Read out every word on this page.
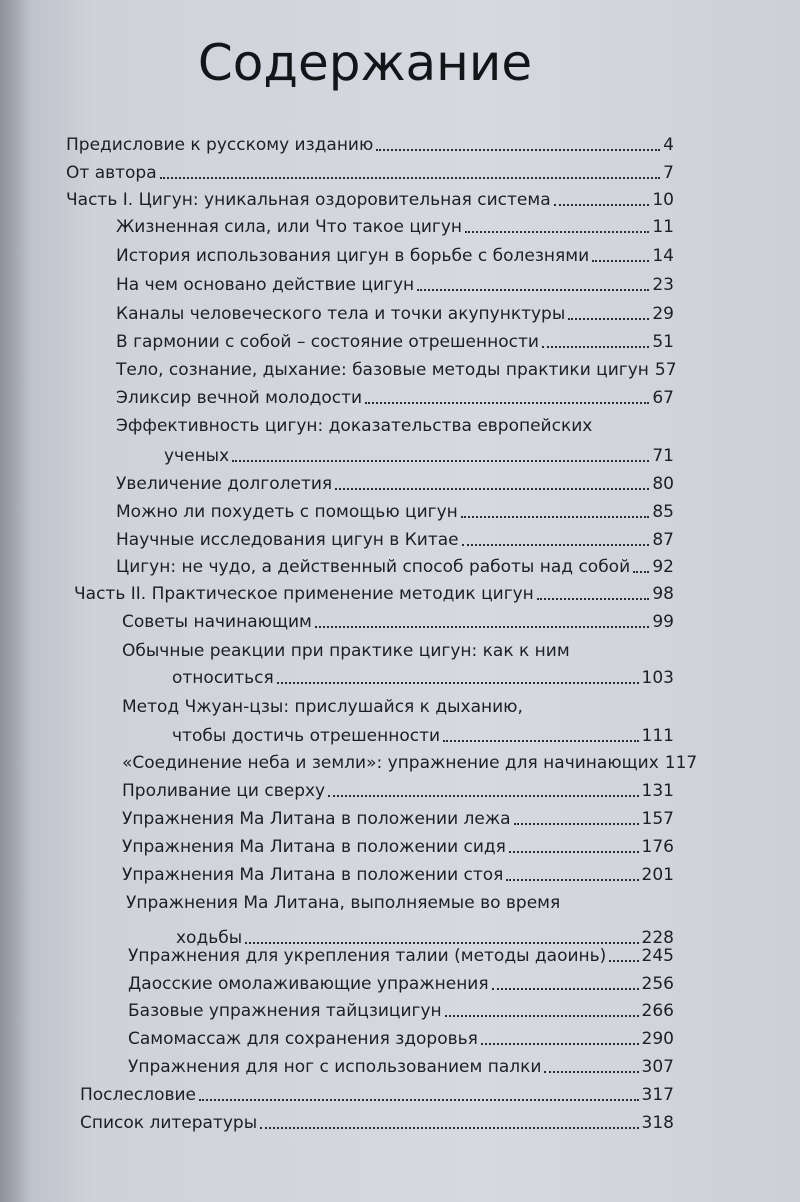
Содержание
Предисловие к русскому изданию	4
От автора	7
Часть I. Цигун: уникальная оздоровительная система	10
Жизненная сила, или Что такое цигун	11
История использования цигун в борьбе с болезнями	14
На чем основано действие цигун	23
Каналы человеческого тела и точки акупунктуры	29
В гармонии с собой – состояние отрешенности	51
Тело, сознание, дыхание: базовые методы практики цигун 57
Эликсир вечной молодости	67
Эффективность цигун: доказательства европейских
ученых	71
Увеличение долголетия	80
Можно ли похудеть с помощью цигун	85
Научные исследования цигун в Китае	87
Цигун: не чудо, а действенный способ работы над собой 92
Часть II. Практическое применение методик цигун	98
Советы начинающим	99
Обычные реакции при практике цигун: как к ним
относиться	103
Метод Чжуан-цзы: прислушайся к дыханию,
чтобы достичь отрешенности	111
«Соединение неба и земли»: упражнение для начинающих 117
Проливание ци сверху	131
Упражнения Ма Литана в положении лежа	157
Упражнения Ма Литана в положении сидя	176
Упражнения Ма Литана в положении стоя	201
Упражнения Ма Литана, выполняемые во время
ходьбы	228
Упражнения для укрепления талии (методы даоинь) 245
Даосские омолаживающие упражнения	256
Базовые упражнения тайцзицигун	266
Самомассаж для сохранения здоровья	290
Упражнения для ног с использованием палки	307
Послесловие	317
Список литературы	318
